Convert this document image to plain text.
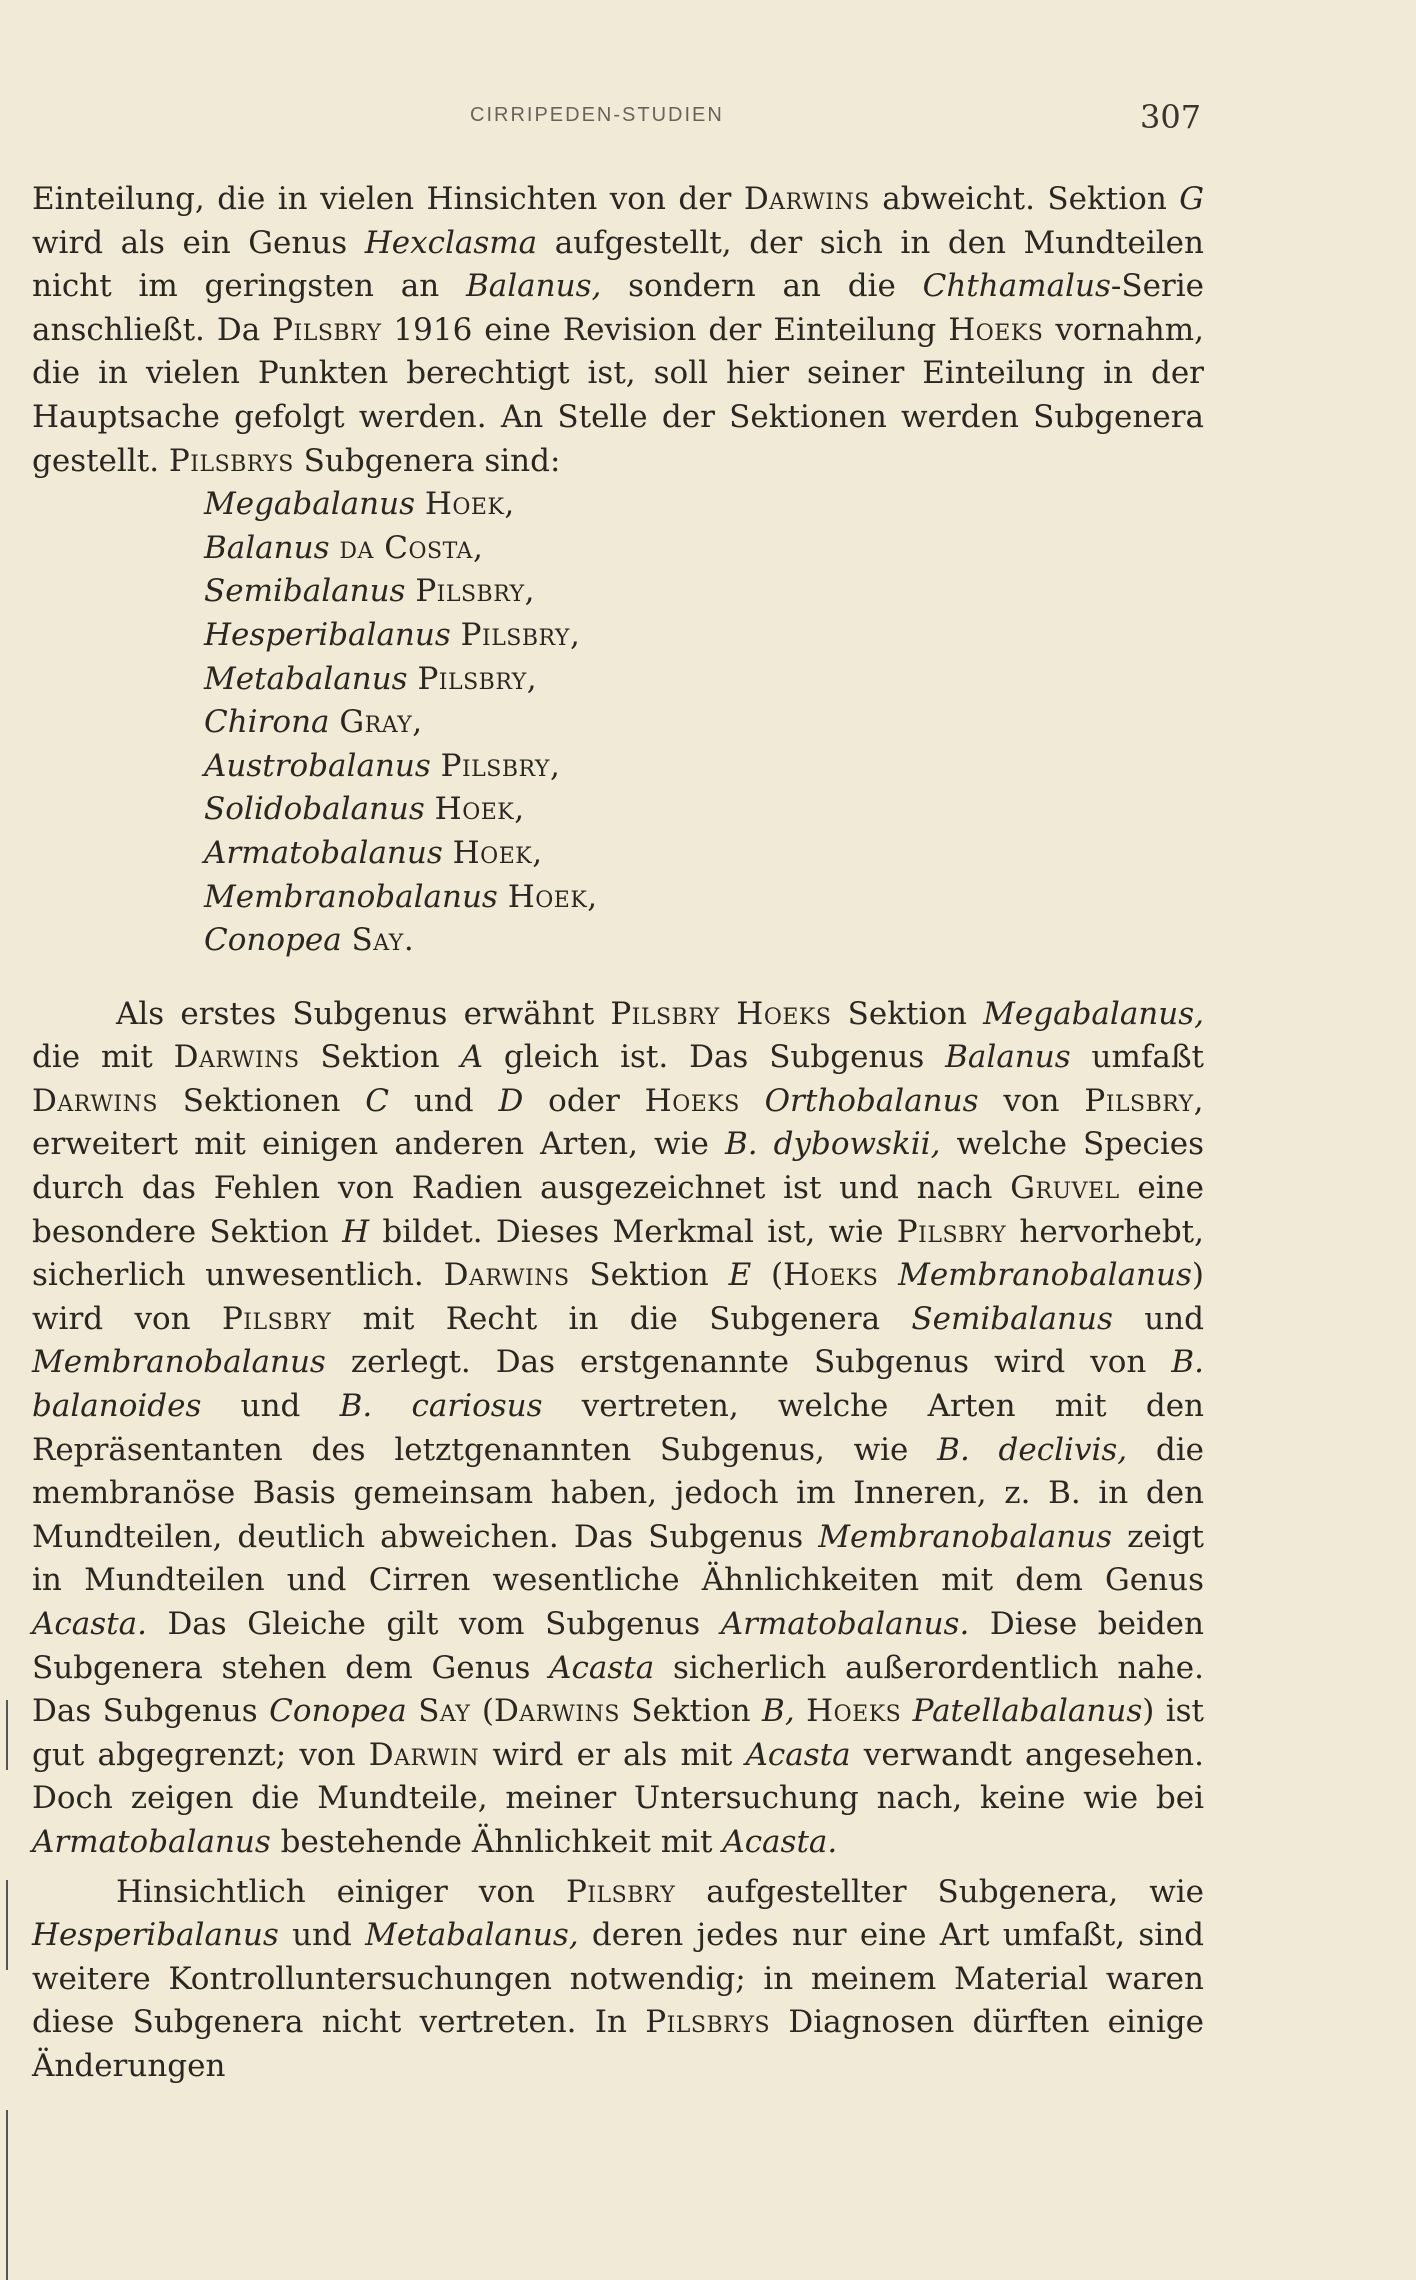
CIRRIPEDEN-STUDIEN	307

Einteilung, die in vielen Hinsichten von der Darwins abweicht. Sektion G wird als ein Genus Hexclasma aufgestellt, der sich in den Mundteilen nicht im geringsten an Balanus, sondern an die Chthamalus-Serie anschließt. Da Pilsbry 1916 eine Revision der Einteilung Hoeks vornahm, die in vielen Punkten berechtigt ist, soll hier seiner Einteilung in der Hauptsache gefolgt werden. An Stelle der Sektionen werden Subgenera gestellt. Pilsbrys Subgenera sind:

Megabalanus Hoek,
Balanus da Costa,
Semibalanus Pilsbry,
Hesperibalanus Pilsbry,
Metabalanus Pilsbry,
Chirona Gray,
Austrobalanus Pilsbry,
Solidobalanus Hoek,
Armatobalanus Hoek,
Membranobalanus Hoek,
Conopea Say.

Als erstes Subgenus erwähnt Pilsbry Hoeks Sektion Megabalanus, die mit Darwins Sektion A gleich ist. Das Subgenus Balanus umfaßt Darwins Sektionen C und D oder Hoeks Orthobalanus von Pilsbry, erweitert mit einigen anderen Arten, wie B. dybowskii, welche Species durch das Fehlen von Radien ausgezeichnet ist und nach Gruvel eine besondere Sektion H bildet. Dieses Merkmal ist, wie Pilsbry hervorhebt, sicherlich unwesentlich. Darwins Sektion E (Hoeks Membranobalanus) wird von Pilsbry mit Recht in die Subgenera Semibalanus und Membranobalanus zerlegt. Das erstgenannte Subgenus wird von B. balanoides und B. cariosus vertreten, welche Arten mit den Repräsentanten des letztgenannten Subgenus, wie B. declivis, die membranöse Basis gemeinsam haben, jedoch im Inneren, z. B. in den Mundteilen, deutlich abweichen. Das Subgenus Membranobalanus zeigt in Mundteilen und Cirren wesentliche Ähnlichkeiten mit dem Genus Acasta. Das Gleiche gilt vom Subgenus Armatobalanus. Diese beiden Subgenera stehen dem Genus Acasta sicherlich außerordentlich nahe. Das Subgenus Conopea Say (Darwins Sektion B, Hoeks Patellabalanus) ist gut abgegrenzt; von Darwin wird er als mit Acasta verwandt angesehen. Doch zeigen die Mundteile, meiner Untersuchung nach, keine wie bei Armatobalanus bestehende Ähnlichkeit mit Acasta.

Hinsichtlich einiger von Pilsbry aufgestellter Subgenera, wie Hesperibalanus und Metabalanus, deren jedes nur eine Art umfaßt, sind weitere Kontrolluntersuchungen notwendig; in meinem Material waren diese Subgenera nicht vertreten. In Pilsbrys Diagnosen dürften einige Änderungen
